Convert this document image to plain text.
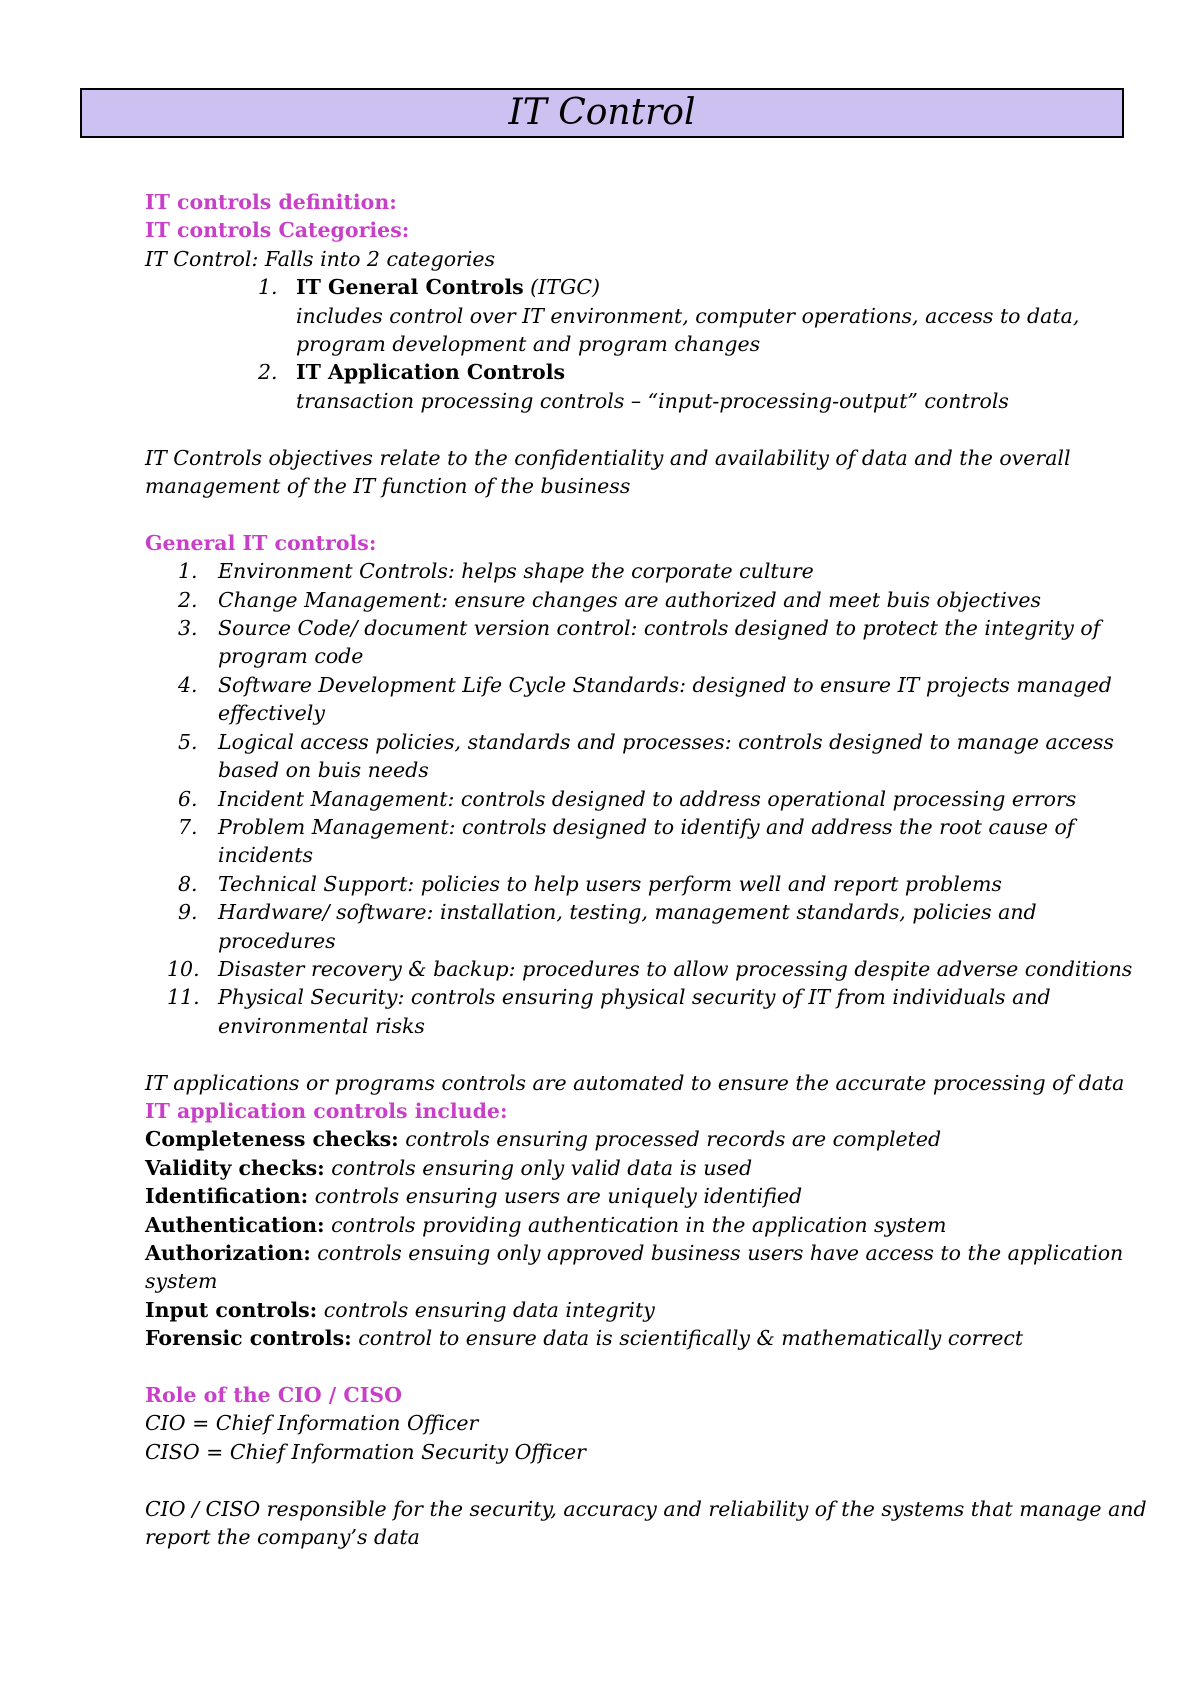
IT Control

IT controls definition:

IT controls Categories:

IT Control: Falls into 2 categories

1. IT General Controls (ITGC)

includes control over IT environment, computer operations, access to data,

program development and program changes

2. IT Application Controls

transaction processing controls – “input-processing-output” controls

IT Controls objectives relate to the confidentiality and availability of data and the overall

management of the IT function of the business

General IT controls:

1. Environment Controls: helps shape the corporate culture

2. Change Management: ensure changes are authorized and meet buis objectives

3. Source Code/ document version control: controls designed to protect the integrity of

program code

4. Software Development Life Cycle Standards: designed to ensure IT projects managed

effectively

5. Logical access policies, standards and processes: controls designed to manage access

based on buis needs

6. Incident Management: controls designed to address operational processing errors

7. Problem Management: controls designed to identify and address the root cause of

incidents

8. Technical Support: policies to help users perform well and report problems

9. Hardware/ software: installation, testing, management standards, policies and

procedures

10. Disaster recovery & backup: procedures to allow processing despite adverse conditions

11. Physical Security: controls ensuring physical security of IT from individuals and

environmental risks

IT applications or programs controls are automated to ensure the accurate processing of data

IT application controls include:

Completeness checks: controls ensuring processed records are completed

Validity checks: controls ensuring only valid data is used

Identification: controls ensuring users are uniquely identified

Authentication: controls providing authentication in the application system

Authorization: controls ensuing only approved business users have access to the application

system

Input controls: controls ensuring data integrity

Forensic controls: control to ensure data is scientifically & mathematically correct

Role of the CIO / CISO

CIO = Chief Information Officer

CISO = Chief Information Security Officer

CIO / CISO responsible for the security, accuracy and reliability of the systems that manage and

report the company’s data
